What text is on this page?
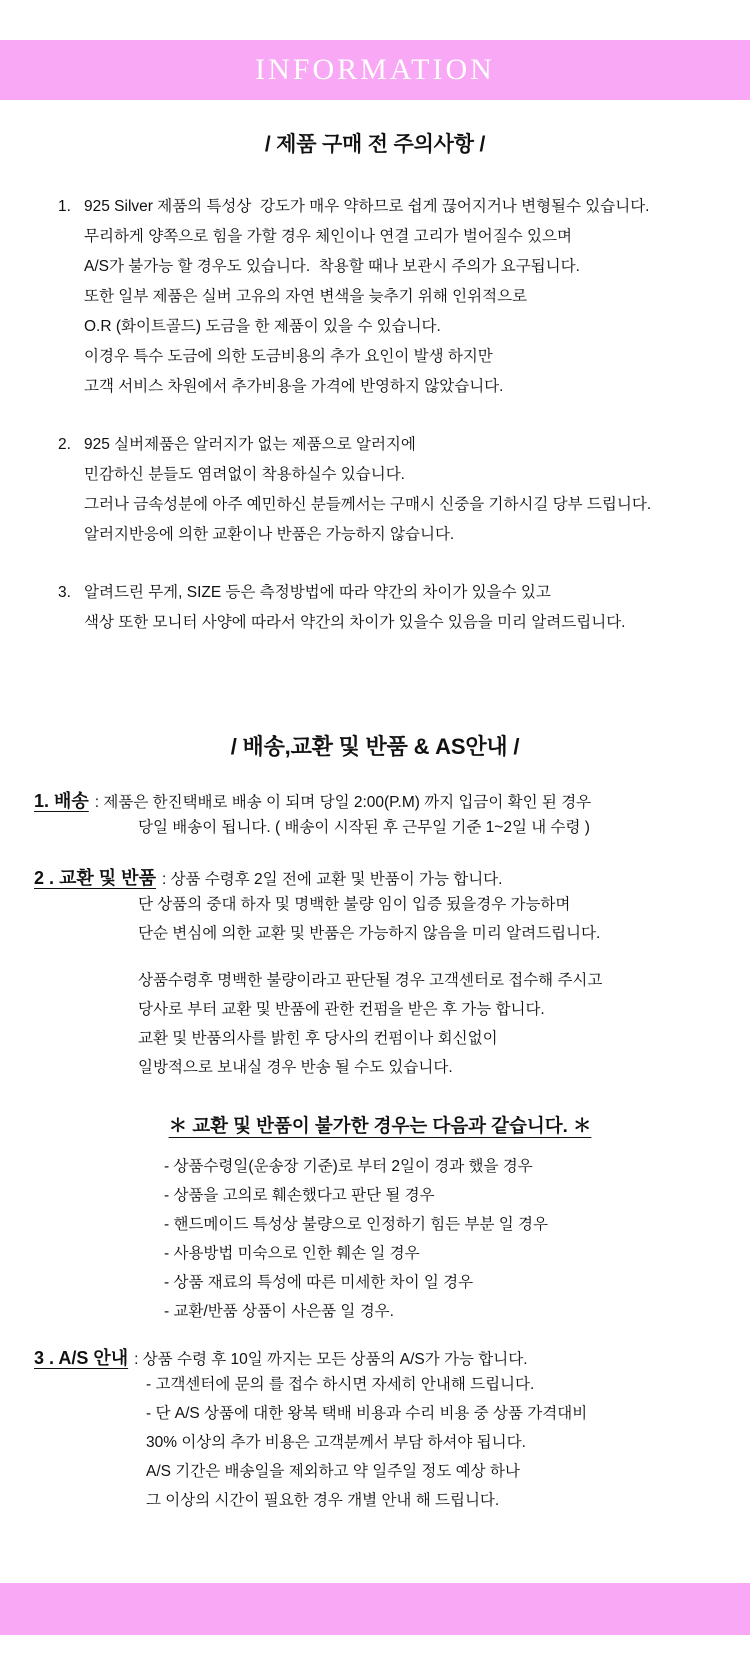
INFORMATION
/ 제품 구매 전 주의사항 /
1. 925 Silver 제품의 특성상  강도가 매우 약하므로 쉽게 끊어지거나 변형될수 있습니다.
무리하게 양쪽으로 힘을 가할 경우 체인이나 연결 고리가 벌어질수 있으며
A/S가 불가능 할 경우도 있습니다.  착용할 때나 보관시 주의가 요구됩니다.
또한 일부 제품은 실버 고유의 자연 변색을 늦추기 위해 인위적으로
O.R (화이트골드) 도금을 한 제품이 있을 수 있습니다.
이경우 특수 도금에 의한 도금비용의 추가 요인이 발생 하지만
고객 서비스 차원에서 추가비용을 가격에 반영하지 않았습니다.
2. 925 실버제품은 알러지가 없는 제품으로 알러지에
민감하신 분들도 염려없이 착용하실수 있습니다.
그러나 금속성분에 아주 예민하신 분들께서는 구매시 신중을 기하시길 당부 드립니다.
알러지반응에 의한 교환이나 반품은 가능하지 않습니다.
3. 알려드린 무게, SIZE 등은 측정방법에 따라 약간의 차이가 있을수 있고
색상 또한 모니터 사양에 따라서 약간의 차이가 있을수 있음을 미리 알려드립니다.
/ 배송,교환 및 반품 & AS안내 /
1. 배송 : 제품은 한진택배로 배송 이 되며 당일 2:00(P.M) 까지 입금이 확인 된 경우
당일 배송이 됩니다. ( 배송이 시작된 후 근무일 기준 1~2일 내 수령 )
2 . 교환 및 반품 : 상품 수령후 2일 전에 교환 및 반품이 가능 합니다.
단 상품의 중대 하자 및 명백한 불량 임이 입증 됬을경우 가능하며
단순 변심에 의한 교환 및 반품은 가능하지 않음을 미리 알려드립니다.
상품수령후 명백한 불량이라고 판단될 경우 고객센터로 접수해 주시고
당사로 부터 교환 및 반품에 관한 컨펌을 받은 후 가능 합니다.
교환 및 반품의사를 밝힌 후 당사의 컨펌이나 회신없이
일방적으로 보내실 경우 반송 될 수도 있습니다.
＊ 교환 및 반품이 불가한 경우는 다음과 같습니다. ＊
- 상품수령일(운송장 기준)로 부터 2일이 경과 했을 경우
- 상품을 고의로 훼손했다고 판단 될 경우
- 핸드메이드 특성상 불량으로 인정하기 힘든 부분 일 경우
- 사용방법 미숙으로 인한 훼손 일 경우
- 상품 재료의 특성에 따른 미세한 차이 일 경우
- 교환/반품 상품이 사은품 일 경우.
3 . A/S 안내 : 상품 수령 후 10일 까지는 모든 상품의 A/S가 가능 합니다.
- 고객센터에 문의 를 접수 하시면 자세히 안내해 드립니다.
- 단 A/S 상품에 대한 왕복 택배 비용과 수리 비용 중 상품 가격대비
30% 이상의 추가 비용은 고객분께서 부담 하셔야 됩니다.
A/S 기간은 배송일을 제외하고 약 일주일 정도 예상 하나
그 이상의 시간이 필요한 경우 개별 안내 해 드립니다.
